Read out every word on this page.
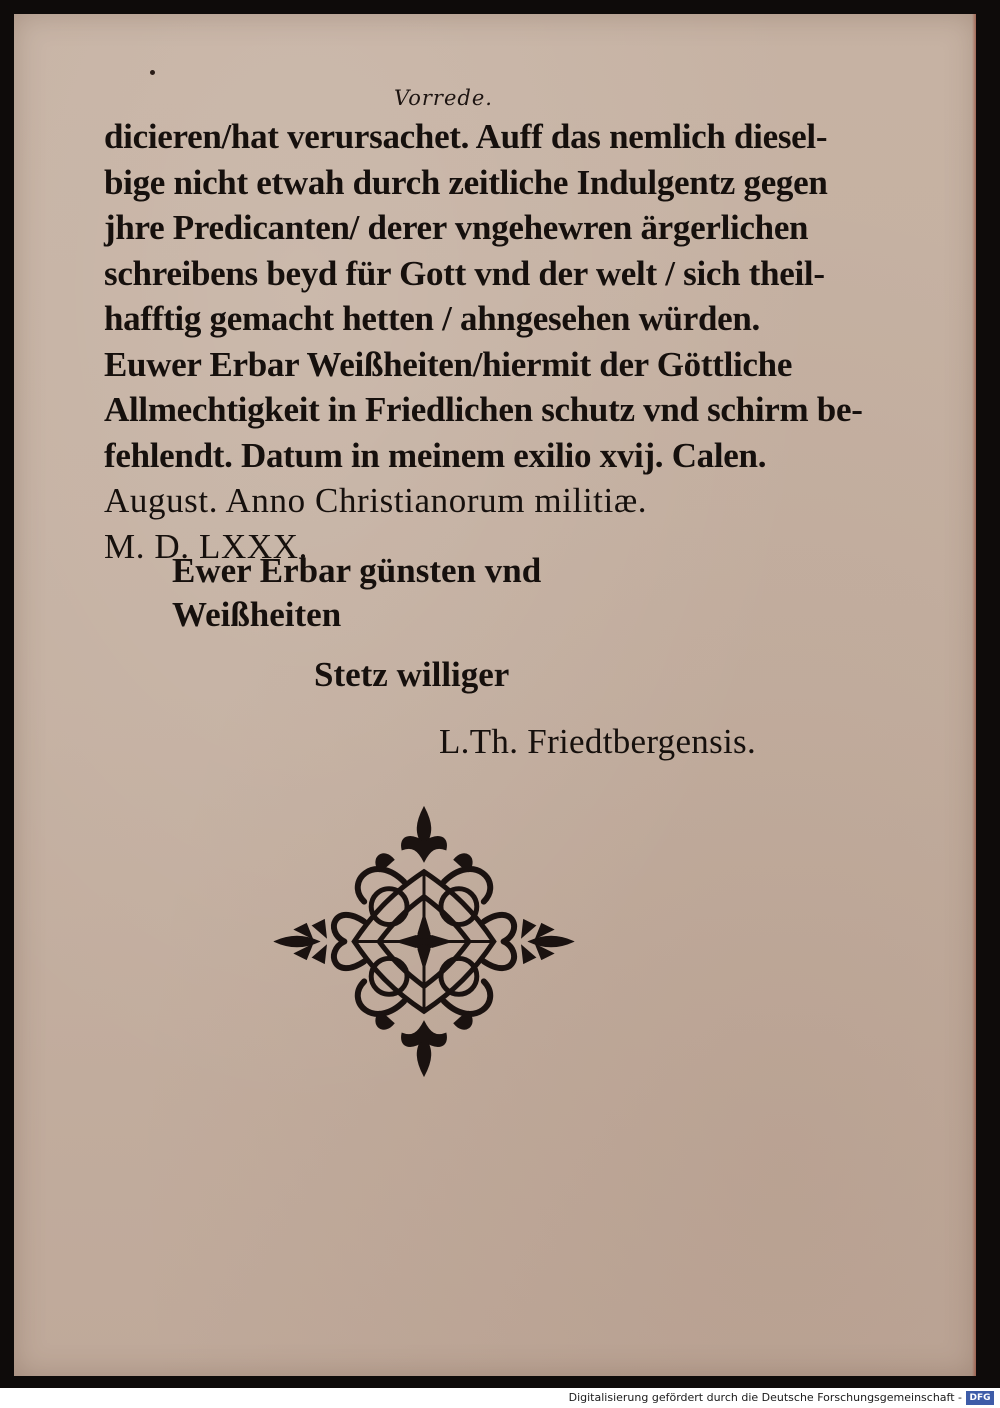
Vorrede.
dicieren/hat verursachet. Auff das nemlich diesel-
bige nicht etwah durch zeitliche Indulgentz gegen
jhre Predicanten/ derer vngehewren ärgerlichen
schreibens beyd für Gott vnd der welt / sich theil-
hafftig gemacht hetten / ahngesehen würden.
Euwer Erbar Weißheiten/hiermit der Göttliche
Allmechtigkeit in Friedlichen schutz vnd schirm be-
fehlendt. Datum in meinem exilio xvij. Calen.
August. Anno Christianorum militiæ.
M. D. LXXX.
Ewer Erbar günsten vnd
Weißheiten
Stetz williger
L.Th. Friedtbergensis.
Digitalisierung gefördert durch die Deutsche Forschungsgemeinschaft - DFG
